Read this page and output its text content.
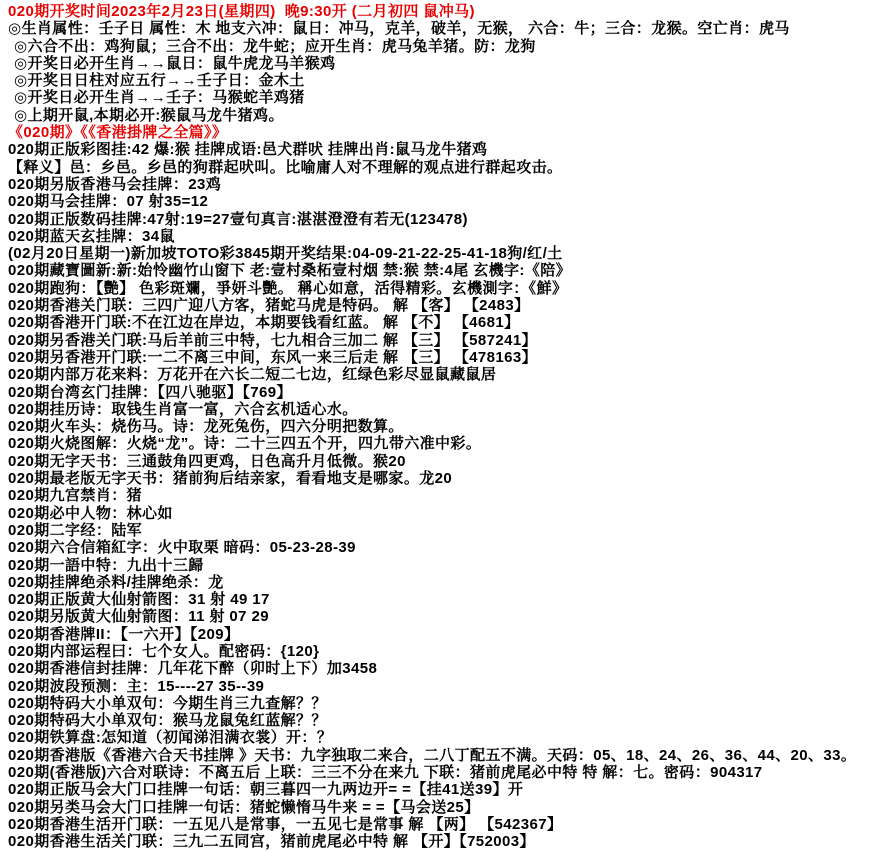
020期开奖时间2023年2月23日(星期四)  晚9:30开 (二月初四 鼠冲马)
◎生肖属性：壬子日 属性：木 地支六冲：鼠日：冲马，克羊，破羊，无猴， 六合：牛；三合：龙猴。空亡肖：虎马
◎六合不出：鸡狗鼠；三合不出：龙牛蛇；应开生肖：虎马兔羊猪。防：龙狗
◎开奖日必开生肖→→鼠日：鼠牛虎龙马羊猴鸡
◎开奖日日柱对应五行→→壬子日：金木土
◎开奖日必开生肖→→壬子：马猴蛇羊鸡猪
◎上期开鼠,本期必开:猴鼠马龙牛猪鸡。
《020期》《《香港掛牌之全篇》》
020期正版彩图挂:42 爆:猴 挂牌成语:邑犬群吠 挂牌出肖:鼠马龙牛猪鸡
【释义】邑：乡邑。乡邑的狗群起吠叫。比喻庸人对不理解的观点进行群起攻击。
020期另版香港马会挂牌：23鸡
020期马会挂牌：07 射35=12
020期正版数码挂牌:47射:19=27壹句真言:湛湛澄澄有若无(123478)
020期蓝天玄挂牌：34鼠
(02月20日星期一)新加坡TOTO彩3845期开奖结果:04-09-21-22-25-41-18狗/红/土
020期藏寶圖新:新:始怜幽竹山窗下 老:壹村桑柘壹村烟 禁:猴 禁:4尾 玄機字:《陪》
020期跑狗：【艷】 色彩斑斕，爭妍斗艷。 稱心如意，活得精彩。玄機測字：《鮮》
020期香港关门联：三四广迎八方客，猪蛇马虎是特码。 解 【客】 【2483】
020期香港开门联:不在江边在岸边，本期要钱看红蓝。 解 【不】 【4681】
020期另香港关门联:马后羊前三中特，七九相合三加二 解 【三】 【587241】
020期另香港开门联:一二不离三中间，东风一来三后走 解 【三】 【478163】
020期内部万花来料：万花开在六长二短二七边，红绿色彩尽显鼠藏鼠居
020期台湾玄门挂牌：【四八驰驱】【769】
020期挂历诗：取钱生肖富一富，六合玄机适心水。
020期火车头：烧伤马。诗：龙死兔伤，四六分明把数算。
020期火烧图解：火烧“龙”。诗：二十三四五个开，四九带六准中彩。
020期无字天书：三通鼓角四更鸡，日色高升月低微。猴20
020期最老版无字天书：猪前狗后结亲家，看看地支是哪家。龙20
020期九宫禁肖：猪
020期必中人物：林心如
020期二字经：陆军
020期六合信箱紅字：火中取栗 暗码：05-23-28-39
020期一語中特：九出十三歸
020期挂牌绝杀料/挂牌绝杀：龙
020期正版黄大仙射箭图：31 射 49 17
020期另版黄大仙射箭图：11 射 07 29
020期香港牌II：【一六开】【209】
020期内部运程曰：七个女人。配密码：{120}
020期香港信封挂牌：几年花下醉（卯时上下）加3458
020期波段预测：主：15----27 35--39
020期特码大小单双句：今期生肖三九查解？？
020期特码大小单双句：猴马龙鼠兔红蓝解？？
020期铁算盘:怎知道（初闻涕泪满衣裳）开：？
020期香港版《香港六合天书挂牌 》天书：九字独取二来合，二八丁配五不满。天码：05、18、24、26、36、44、20、33。
020期(香港版)六合对联诗：不离五后 上联：三三不分在来九 下联：猪前虎尾必中特 特 解：七。密码：904317
020期正版马会大门口挂牌一句话：朝三暮四一九两边开= =【挂41送39】开
020期另类马会大门口挂牌一句话：猪蛇懒惰马牛来 = =【马会送25】
020期香港生活开门联：一五见八是常事，一五见七是常事 解 【两】 【542367】
020期香港生活关门联：三九二五同宫，猪前虎尾必中特 解 【开】【752003】
